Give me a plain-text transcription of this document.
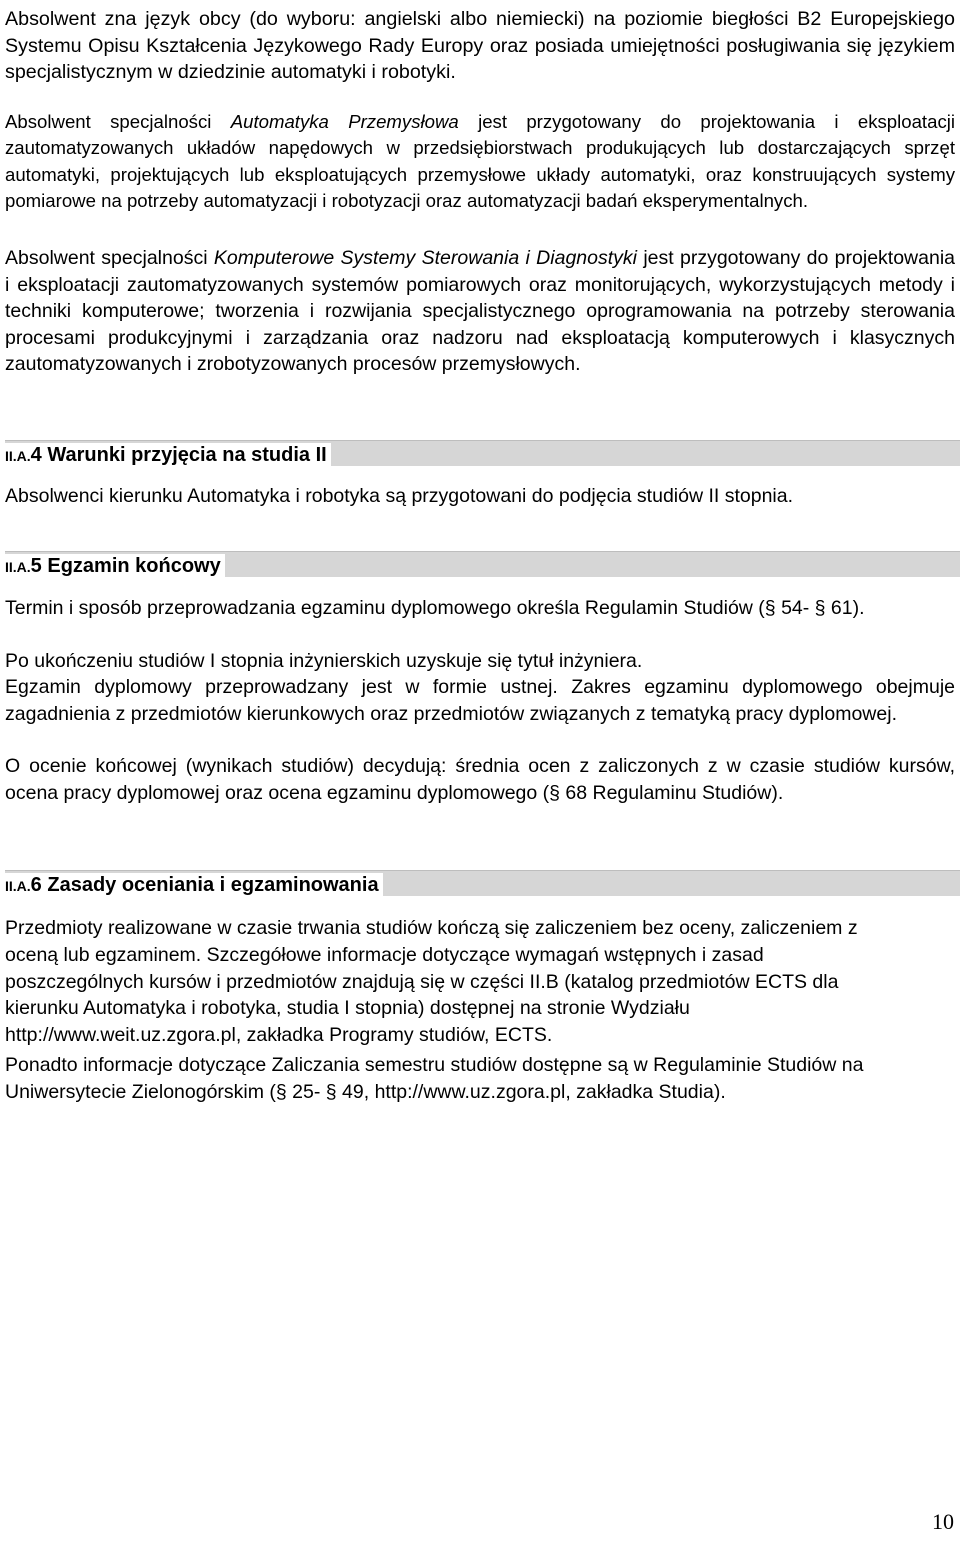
Absolwent zna język obcy (do wyboru: angielski albo niemiecki) na poziomie biegłości B2 Europejskiego Systemu Opisu Kształcenia Językowego Rady Europy oraz posiada umiejętności posługiwania się językiem specjalistycznym w dziedzinie automatyki i robotyki.

Absolwent specjalności Automatyka Przemysłowa jest przygotowany do projektowania i eksploatacji zautomatyzowanych układów napędowych w przedsiębiorstwach produkujących lub dostarczających sprzęt automatyki, projektujących lub eksploatujących przemysłowe układy automatyki, oraz konstruujących systemy pomiarowe na potrzeby automatyzacji i robotyzacji oraz automatyzacji badań eksperymentalnych.

Absolwent specjalności Komputerowe Systemy Sterowania i Diagnostyki jest przygotowany do projektowania i eksploatacji zautomatyzowanych systemów pomiarowych oraz monitorujących, wykorzystujących metody i techniki komputerowe; tworzenia i rozwijania specjalistycznego oprogramowania na potrzeby sterowania procesami produkcyjnymi i zarządzania oraz nadzoru nad eksploatacją komputerowych i klasycznych zautomatyzowanych i zrobotyzowanych procesów przemysłowych.

II.A.4 Warunki przyjęcia na studia II

Absolwenci kierunku Automatyka i robotyka są przygotowani do podjęcia studiów II stopnia.

II.A.5 Egzamin końcowy

Termin i sposób przeprowadzania egzaminu dyplomowego określa Regulamin Studiów (§ 54- § 61).

Po ukończeniu studiów I stopnia inżynierskich uzyskuje się tytuł inżyniera.

Egzamin dyplomowy przeprowadzany jest w formie ustnej. Zakres egzaminu dyplomowego obejmuje zagadnienia z przedmiotów kierunkowych oraz przedmiotów związanych z tematyką pracy dyplomowej.

O ocenie końcowej (wynikach studiów) decydują: średnia ocen z zaliczonych z w czasie studiów kursów, ocena pracy dyplomowej oraz ocena egzaminu dyplomowego (§ 68 Regulaminu Studiów).

II.A.6 Zasady oceniania i egzaminowania

Przedmioty realizowane w czasie trwania studiów kończą się zaliczeniem bez oceny, zaliczeniem z oceną lub egzaminem. Szczegółowe informacje dotyczące wymagań wstępnych i zasad poszczególnych kursów i przedmiotów znajdują się w części II.B (katalog przedmiotów ECTS dla kierunku Automatyka i robotyka, studia I stopnia) dostępnej na stronie Wydziału http://www.weit.uz.zgora.pl, zakładka Programy studiów, ECTS.

Ponadto informacje dotyczące Zaliczania semestru studiów dostępne są w Regulaminie Studiów na Uniwersytecie Zielonogórskim (§ 25- § 49, http://www.uz.zgora.pl, zakładka Studia).

10
